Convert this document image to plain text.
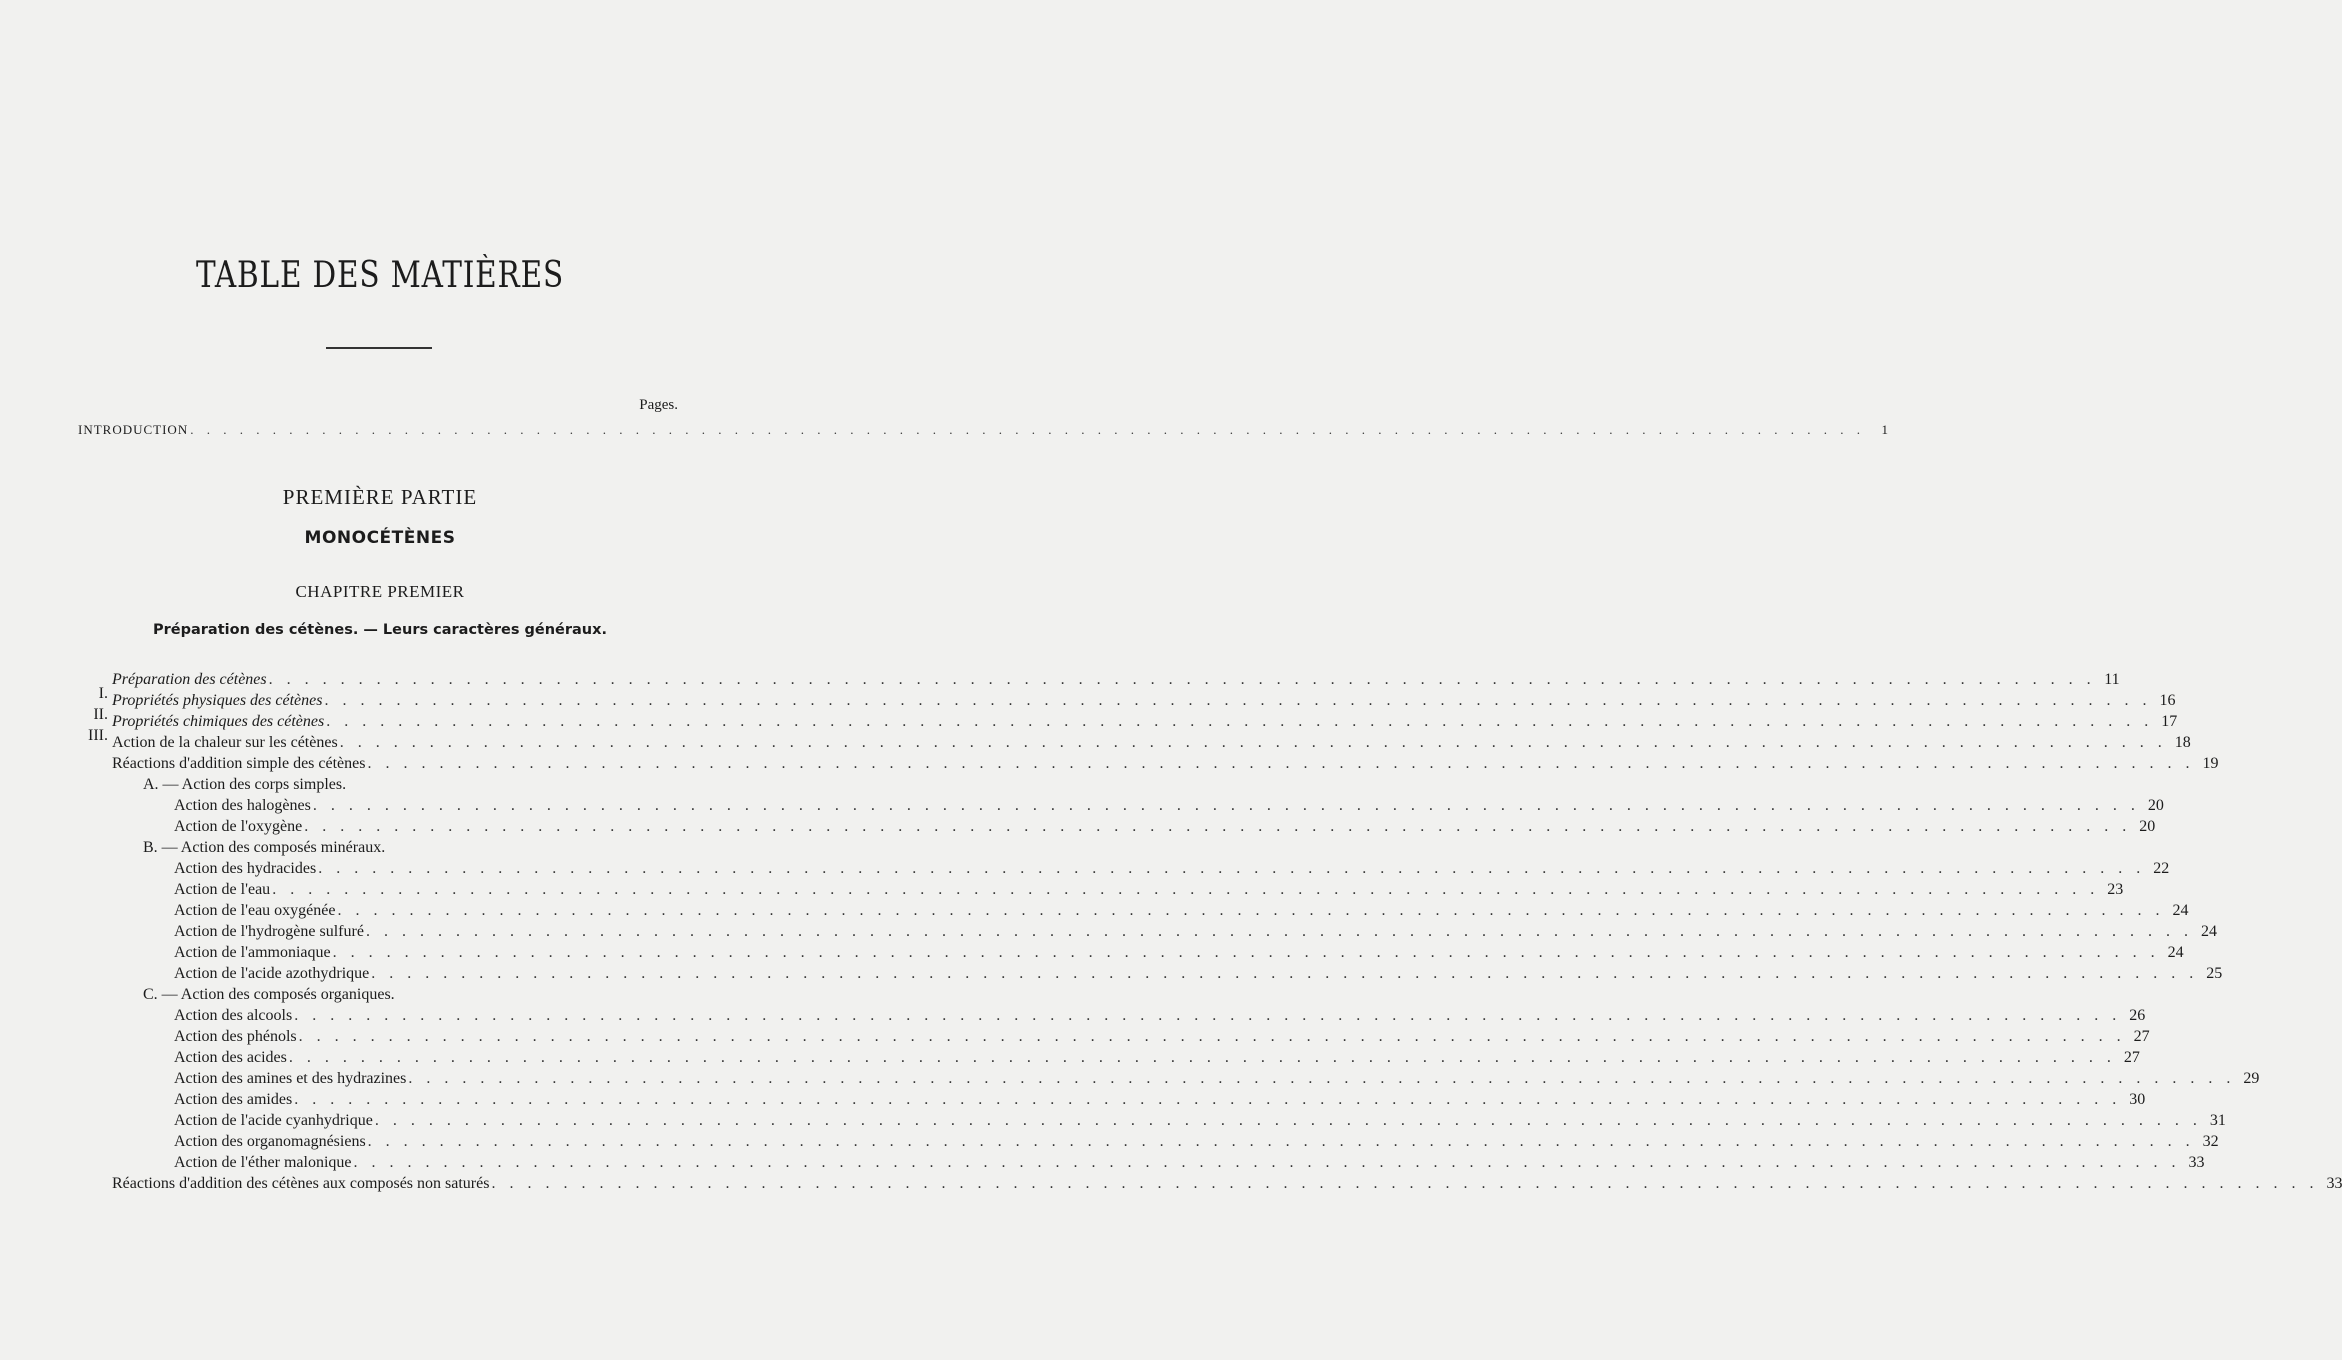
TABLE DES MATIÈRES
Pages.
INTRODUCTION . . .	1
PREMIÈRE PARTIE
MONOCÉTÈNES
CHAPITRE PREMIER
Préparation des cétènes. — Leurs caractères généraux.
I.
Préparation des cétènes . . .	11
II.
Propriétés physiques des cétènes . . .	16
III.
Propriétés chimiques des cétènes . . .	17
Action de la chaleur sur les cétènes . . .	18
Réactions d'addition simple des cétènes . . .	19
A. — Action des corps simples.
Action des halogènes . . .	20
Action de l'oxygène . . .	20
B. — Action des composés minéraux.
Action des hydracides . . .	22
Action de l'eau . . .	23
Action de l'eau oxygénée . . .	24
Action de l'hydrogène sulfuré . . .	24
Action de l'ammoniaque . . .	24
Action de l'acide azothydrique . . .	25
C. — Action des composés organiques.
Action des alcools . . .	26
Action des phénols . . .	27
Action des acides . . .	27
Action des amines et des hydrazines . . .	29
Action des amides . . .	30
Action de l'acide cyanhydrique . . .	31
Action des organomagnésiens . . .	32
Action de l'éther malonique . . .	33
Réactions d'addition des cétènes aux composés non saturés . . .	33
